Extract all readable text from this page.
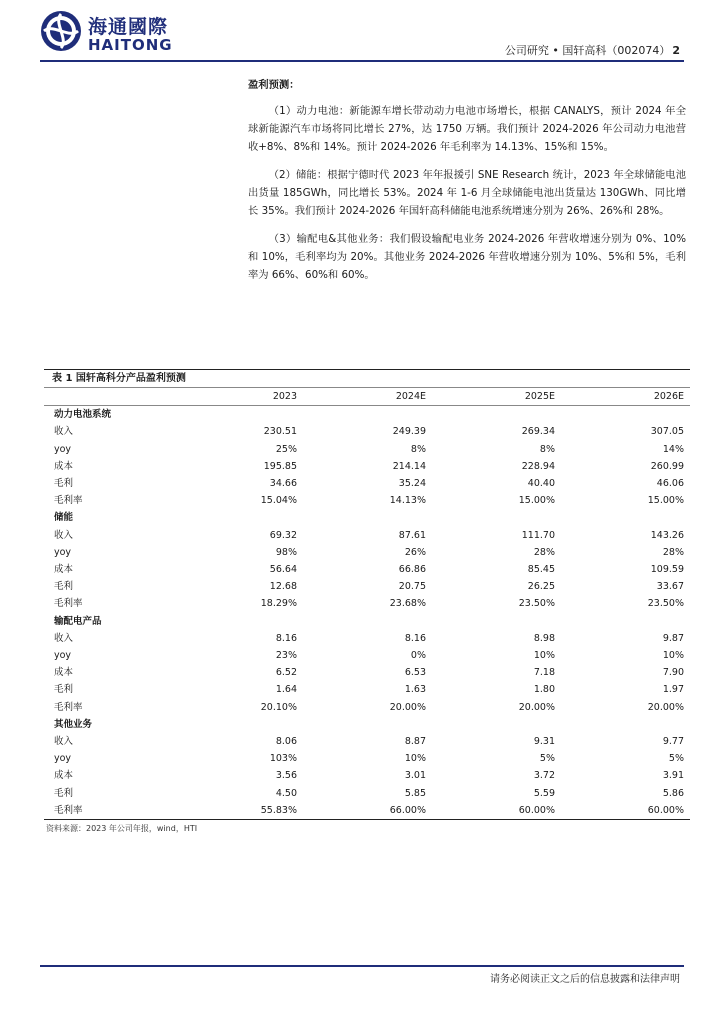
海通國際
HAITONG	公司研究 • 国轩高科（002074） 2
盈利预测：

（1）动力电池：新能源车增长带动动力电池市场增长，根据 CANALYS，预计 2024 年全球新能源汽车市场将同比增长 27%，达 1750 万辆。我们预计 2024-2026 年公司动力电池营收+8%、8%和 14%。预计 2024-2026 年毛利率为 14.13%、15%和 15%。

（2）储能：根据宁德时代 2023 年年报援引 SNE Research 统计，2023 年全球储能电池出货量 185GWh，同比增长 53%。2024 年 1-6 月全球储能电池出货量达 130GWh、同比增长 35%。我们预计 2024-2026 年国轩高科储能电池系统增速分别为 26%、26%和 28%。

（3）输配电&其他业务：我们假设输配电业务 2024-2026 年营收增速分别为 0%、10%和 10%，毛利率均为 20%。其他业务 2024-2026 年营收增速分别为 10%、5%和 5%，毛利率为 66%、60%和 60%。

表 1 国轩高科分产品盈利预测
	2023	2024E	2025E	2026E
动力电池系统				
收入	230.51	249.39	269.34	307.05
yoy	25%	8%	8%	14%
成本	195.85	214.14	228.94	260.99
毛利	34.66	35.24	40.40	46.06
毛利率	15.04%	14.13%	15.00%	15.00%
储能				
收入	69.32	87.61	111.70	143.26
yoy	98%	26%	28%	28%
成本	56.64	66.86	85.45	109.59
毛利	12.68	20.75	26.25	33.67
毛利率	18.29%	23.68%	23.50%	23.50%
输配电产品				
收入	8.16	8.16	8.98	9.87
yoy	23%	0%	10%	10%
成本	6.52	6.53	7.18	7.90
毛利	1.64	1.63	1.80	1.97
毛利率	20.10%	20.00%	20.00%	20.00%
其他业务				
收入	8.06	8.87	9.31	9.77
yoy	103%	10%	5%	5%
成本	3.56	3.01	3.72	3.91
毛利	4.50	5.85	5.59	5.86
毛利率	55.83%	66.00%	60.00%	60.00%
资料来源：2023 年公司年报，wind，HTI
请务必阅读正文之后的信息披露和法律声明
